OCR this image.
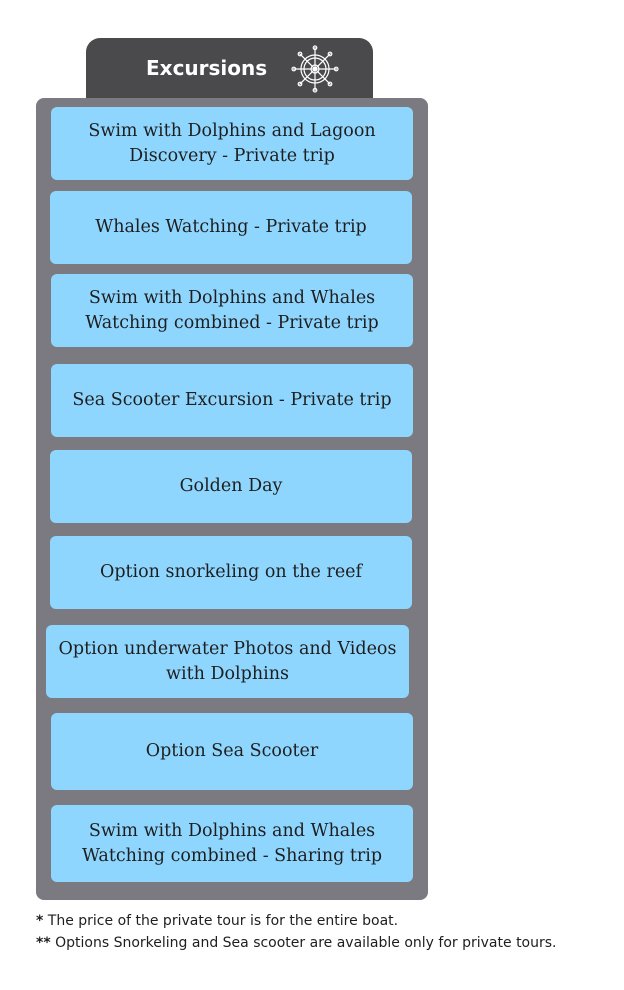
Excursions
Swim with Dolphins and Lagoon Discovery - Private trip
Whales Watching - Private trip
Swim with Dolphins and Whales Watching combined - Private trip
Sea Scooter Excursion - Private trip
Golden Day
Option snorkeling on the reef
Option underwater Photos and Videos with Dolphins
Option Sea Scooter
Swim with Dolphins and Whales Watching combined - Sharing trip
* The price of the private tour is for the entire boat.
** Options Snorkeling and Sea scooter are available only for private tours.
